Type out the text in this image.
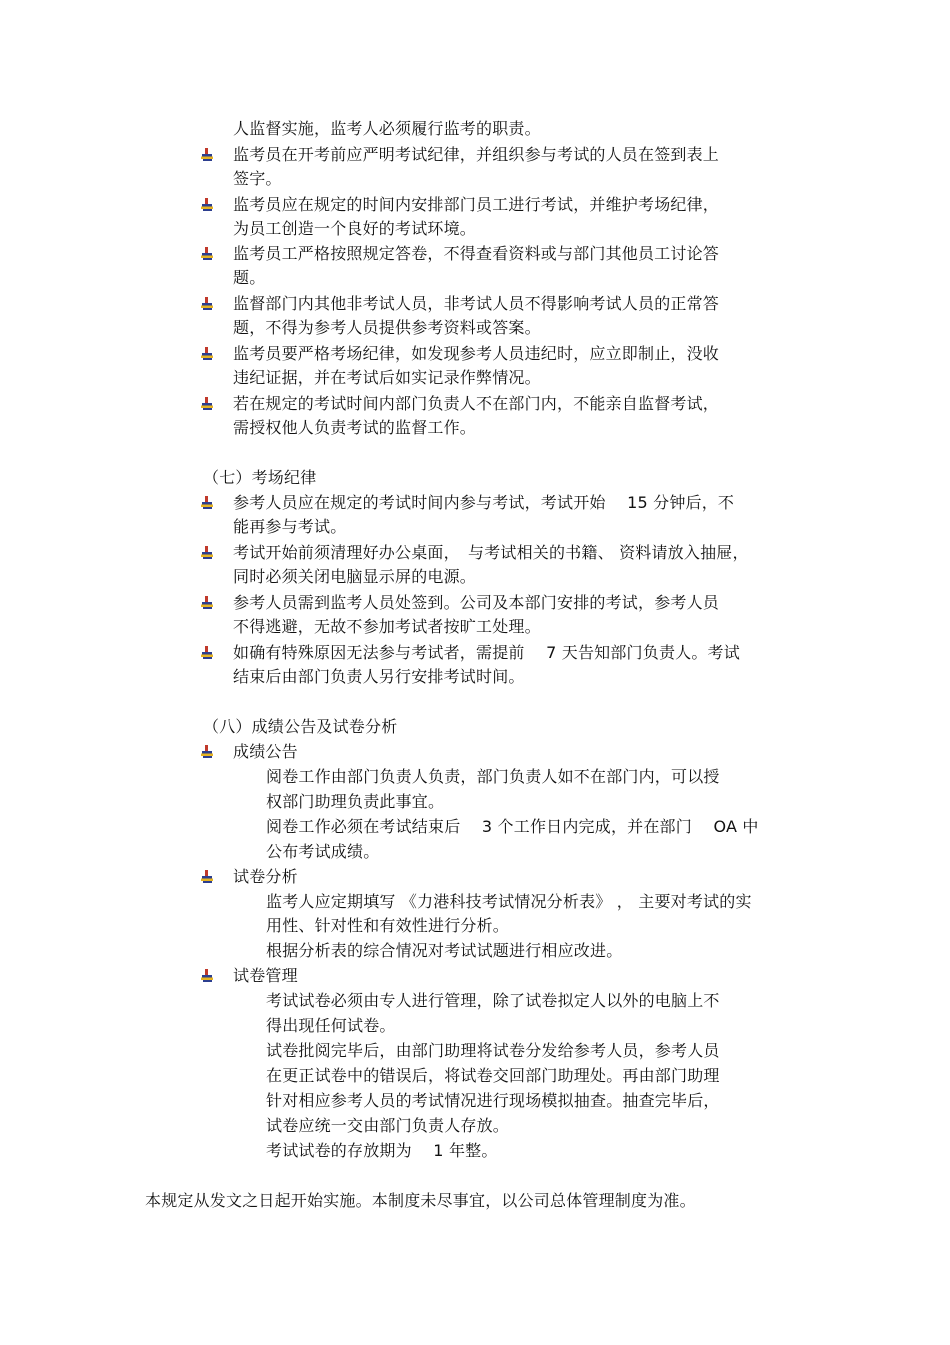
人监督实施，监考人必须履行监考的职责。
监考员在开考前应严明考试纪律，并组织参与考试的人员在签到表上
签字。
监考员应在规定的时间内安排部门员工进行考试，并维护考场纪律，
为员工创造一个良好的考试环境。
监考员工严格按照规定答卷，不得查看资料或与部门其他员工讨论答
题。
监督部门内其他非考试人员，非考试人员不得影响考试人员的正常答
题，不得为参考人员提供参考资料或答案。
监考员要严格考场纪律，如发现参考人员违纪时，应立即制止，没收
违纪证据，并在考试后如实记录作弊情况。
若在规定的考试时间内部门负责人不在部门内，不能亲自监督考试，
需授权他人负责考试的监督工作。
（七）考场纪律
参考人员应在规定的考试时间内参与考试，考试开始　 15 分钟后，不
能再参与考试。
考试开始前须清理好办公桌面，　与考试相关的书籍、 资料请放入抽屉，
同时必须关闭电脑显示屏的电源。
参考人员需到监考人员处签到。公司及本部门安排的考试，参考人员
不得逃避，无故不参加考试者按旷工处理。
如确有特殊原因无法参与考试者，需提前　 7 天告知部门负责人。考试
结束后由部门负责人另行安排考试时间。
（八）成绩公告及试卷分析
成绩公告
阅卷工作由部门负责人负责，部门负责人如不在部门内，可以授
权部门助理负责此事宜。
阅卷工作必须在考试结束后　 3 个工作日内完成，并在部门　 OA 中
公布考试成绩。
试卷分析
监考人应定期填写 《力港科技考试情况分析表》 ， 主要对考试的实
用性、针对性和有效性进行分析。
根据分析表的综合情况对考试试题进行相应改进。
试卷管理
考试试卷必须由专人进行管理，除了试卷拟定人以外的电脑上不
得出现任何试卷。
试卷批阅完毕后，由部门助理将试卷分发给参考人员，参考人员
在更正试卷中的错误后，将试卷交回部门助理处。再由部门助理
针对相应参考人员的考试情况进行现场模拟抽查。抽查完毕后，
试卷应统一交由部门负责人存放。
考试试卷的存放期为　 1 年整。
本规定从发文之日起开始实施。本制度未尽事宜，以公司总体管理制度为准。
